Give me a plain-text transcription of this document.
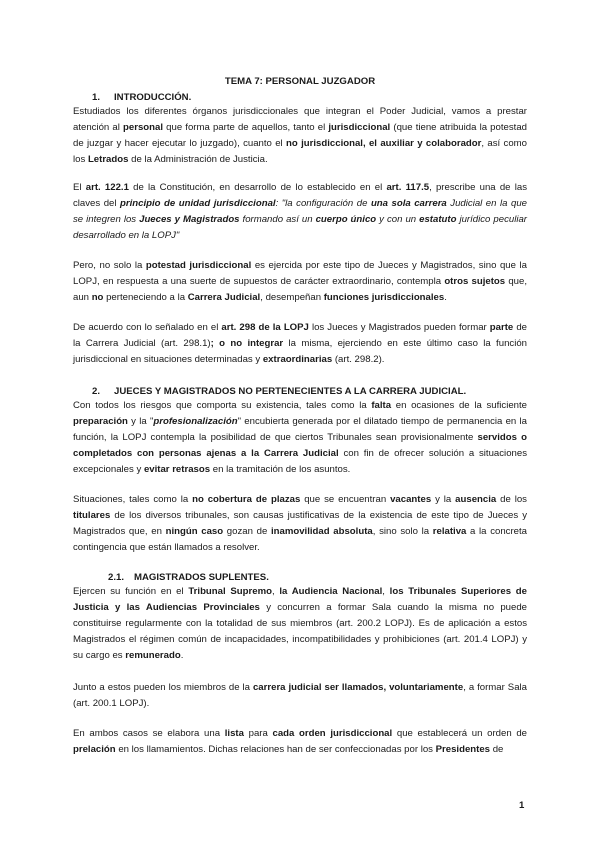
TEMA 7: PERSONAL JUZGADOR
1. INTRODUCCIÓN.
Estudiados los diferentes órganos jurisdiccionales que integran el Poder Judicial, vamos a prestar atención al personal que forma parte de aquellos, tanto el jurisdiccional (que tiene atribuida la potestad de juzgar y hacer ejecutar lo juzgado), cuanto el no jurisdiccional, el auxiliar y colaborador, así como los Letrados de la Administración de Justicia.
El art. 122.1 de la Constitución, en desarrollo de lo establecido en el art. 117.5, prescribe una de las claves del principio de unidad jurisdiccional: "la configuración de una sola carrera Judicial en la que se integren los Jueces y Magistrados formando así un cuerpo único y con un estatuto jurídico peculiar desarrollado en la LOPJ"
Pero, no solo la potestad jurisdiccional es ejercida por este tipo de Jueces y Magistrados, sino que la LOPJ, en respuesta a una suerte de supuestos de carácter extraordinario, contempla otros sujetos que, aun no perteneciendo a la Carrera Judicial, desempeñan funciones jurisdiccionales.
De acuerdo con lo señalado en el art. 298 de la LOPJ los Jueces y Magistrados pueden formar parte de la Carrera Judicial (art. 298.1); o no integrar la misma, ejerciendo en este último caso la función jurisdiccional en situaciones determinadas y extraordinarias (art. 298.2).
2. JUECES Y MAGISTRADOS NO PERTENECIENTES A LA CARRERA JUDICIAL.
Con todos los riesgos que comporta su existencia, tales como la falta en ocasiones de la suficiente preparación y la "profesionalización" encubierta generada por el dilatado tiempo de permanencia en la función, la LOPJ contempla la posibilidad de que ciertos Tribunales sean provisionalmente servidos o completados con personas ajenas a la Carrera Judicial con fin de ofrecer solución a situaciones excepcionales y evitar retrasos en la tramitación de los asuntos.
Situaciones, tales como la no cobertura de plazas que se encuentran vacantes y la ausencia de los titulares de los diversos tribunales, son causas justificativas de la existencia de este tipo de Jueces y Magistrados que, en ningún caso gozan de inamovilidad absoluta, sino solo la relativa a la concreta contingencia que están llamados a resolver.
2.1. MAGISTRADOS SUPLENTES.
Ejercen su función en el Tribunal Supremo, la Audiencia Nacional, los Tribunales Superiores de Justicia y las Audiencias Provinciales y concurren a formar Sala cuando la misma no puede constituirse regularmente con la totalidad de sus miembros (art. 200.2 LOPJ). Es de aplicación a estos Magistrados el régimen común de incapacidades, incompatibilidades y prohibiciones (art. 201.4 LOPJ) y su cargo es remunerado.
Junto a estos pueden los miembros de la carrera judicial ser llamados, voluntariamente, a formar Sala (art. 200.1 LOPJ).
En ambos casos se elabora una lista para cada orden jurisdiccional que establecerá un orden de prelación en los llamamientos. Dichas relaciones han de ser confeccionadas por los Presidentes de
1
